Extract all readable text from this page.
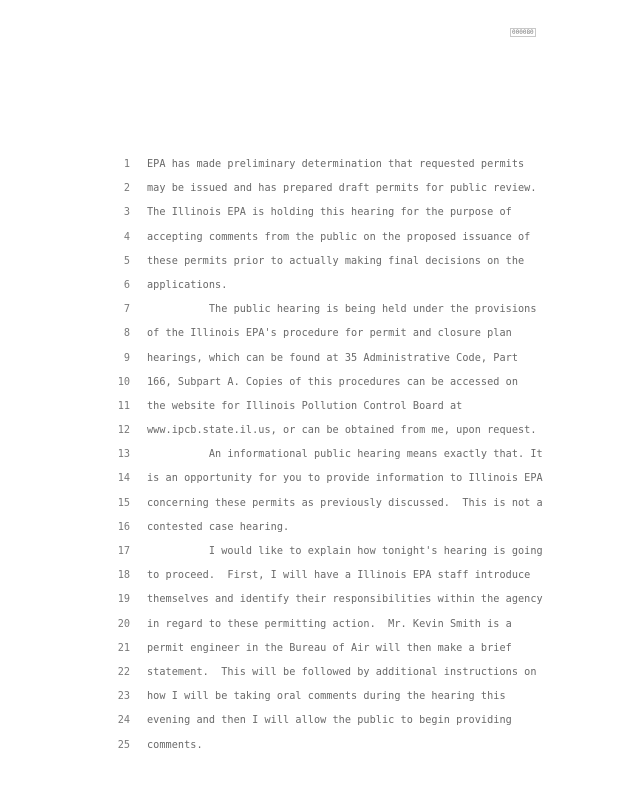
000080
1 EPA has made preliminary determination that requested permits
2 may be issued and has prepared draft permits for public review.
3 The Illinois EPA is holding this hearing for the purpose of
4 accepting comments from the public on the proposed issuance of
5 these permits prior to actually making final decisions on the
6 applications.
7 The public hearing is being held under the provisions
8 of the Illinois EPA's procedure for permit and closure plan
9 hearings, which can be found at 35 Administrative Code, Part
10 166, Subpart A. Copies of this procedures can be accessed on
11 the website for Illinois Pollution Control Board at
12 www.ipcb.state.il.us, or can be obtained from me, upon request.
13 An informational public hearing means exactly that. It
14 is an opportunity for you to provide information to Illinois EPA
15 concerning these permits as previously discussed.  This is not a
16 contested case hearing.
17 I would like to explain how tonight's hearing is going
18 to proceed.  First, I will have a Illinois EPA staff introduce
19 themselves and identify their responsibilities within the agency
20 in regard to these permitting action.  Mr. Kevin Smith is a
21 permit engineer in the Bureau of Air will then make a brief
22 statement.  This will be followed by additional instructions on
23 how I will be taking oral comments during the hearing this
24 evening and then I will allow the public to begin providing
25 comments.
